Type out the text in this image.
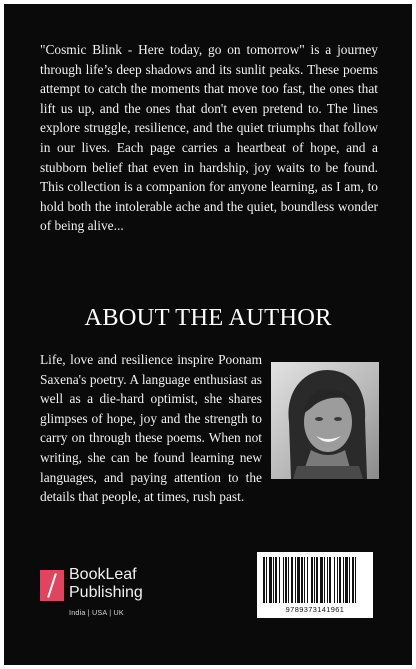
"Cosmic Blink - Here today, go on tomorrow" is a journey through life’s deep shadows and its sunlit peaks. These poems attempt to catch the moments that move too fast, the ones that lift us up, and the ones that don't even pretend to. The lines explore struggle, resilience, and the quiet triumphs that follow in our lives. Each page carries a heartbeat of hope, and a stubborn belief that even in hardship, joy waits to be found. This collection is a companion for anyone learning, as I am, to hold both the intolerable ache and the quiet, boundless wonder of being alive...

ABOUT THE AUTHOR

Life, love and resilience inspire Poonam Saxena's poetry. A language enthusiast as well as a die-hard optimist, she shares glimpses of hope, joy and the strength to carry on through these poems. When not writing, she can be found learning new languages, and paying attention to the details that people, at times, rush past.

BookLeaf
Publishing
India | USA | UK	9789373141961
